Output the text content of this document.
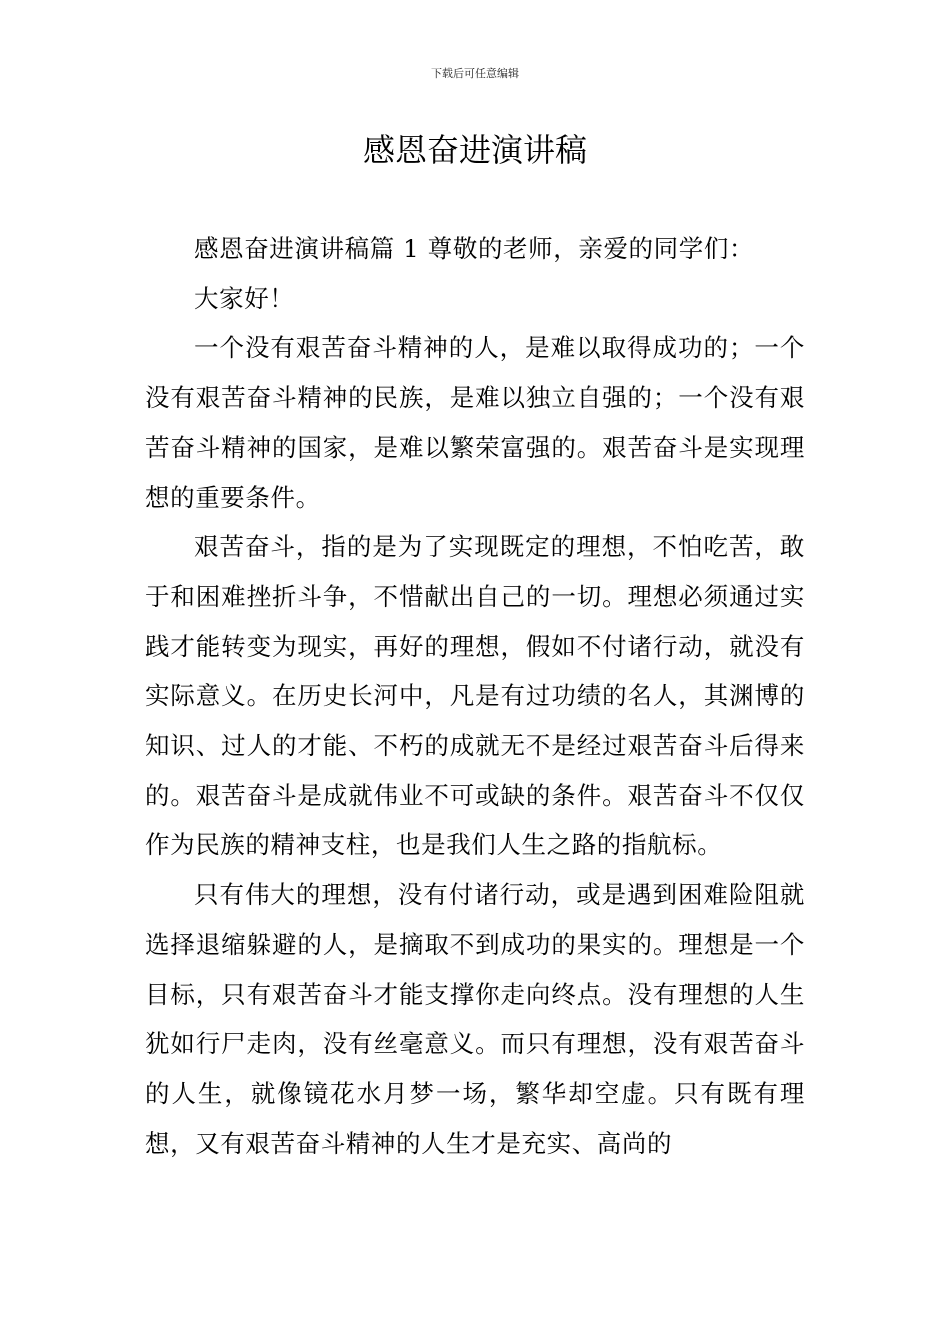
下载后可任意编辑
感恩奋进演讲稿

感恩奋进演讲稿篇 1 尊敬的老师，亲爱的同学们：

大家好！

一个没有艰苦奋斗精神的人，是难以取得成功的；一个没有艰苦奋斗精神的民族，是难以独立自强的；一个没有艰苦奋斗精神的国家，是难以繁荣富强的。艰苦奋斗是实现理想的重要条件。

艰苦奋斗，指的是为了实现既定的理想，不怕吃苦，敢于和困难挫折斗争，不惜献出自己的一切。理想必须通过实践才能转变为现实，再好的理想，假如不付诸行动，就没有实际意义。在历史长河中，凡是有过功绩的名人，其渊博的知识、过人的才能、不朽的成就无不是经过艰苦奋斗后得来的。艰苦奋斗是成就伟业不可或缺的条件。艰苦奋斗不仅仅作为民族的精神支柱，也是我们人生之路的指航标。

只有伟大的理想，没有付诸行动，或是遇到困难险阻就选择退缩躲避的人，是摘取不到成功的果实的。理想是一个目标，只有艰苦奋斗才能支撑你走向终点。没有理想的人生犹如行尸走肉，没有丝毫意义。而只有理想，没有艰苦奋斗的人生，就像镜花水月梦一场，繁华却空虚。只有既有理想，又有艰苦奋斗精神的人生才是充实、高尚的
